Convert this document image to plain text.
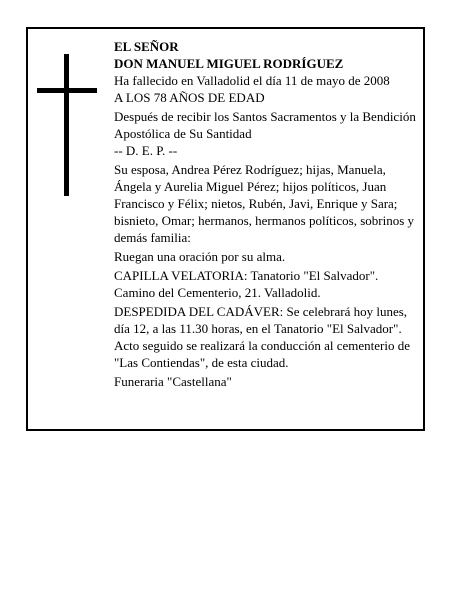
EL SEÑOR

DON MANUEL MIGUEL RODRÍGUEZ

Ha fallecido en Valladolid el día 11 de mayo de 2008

A LOS 78 AÑOS DE EDAD

Después de recibir los Santos Sacramentos y la Bendición Apostólica de Su Santidad

-- D. E. P. --

Su esposa, Andrea Pérez Rodríguez; hijas, Manuela, Ángela y Aurelia Miguel Pérez; hijos políticos, Juan Francisco y Félix; nietos, Rubén, Javi, Enrique y Sara; bisnieto, Omar; hermanos, hermanos políticos, sobrinos y demás familia:

Ruegan una oración por su alma.

CAPILLA VELATORIA: Tanatorio "El Salvador". Camino del Cementerio, 21. Valladolid.

DESPEDIDA DEL CADÁVER: Se celebrará hoy lunes, día 12, a las 11.30 horas, en el Tanatorio "El Salvador". Acto seguido se realizará la conducción al cementerio de "Las Contiendas", de esta ciudad.

Funeraria "Castellana"
